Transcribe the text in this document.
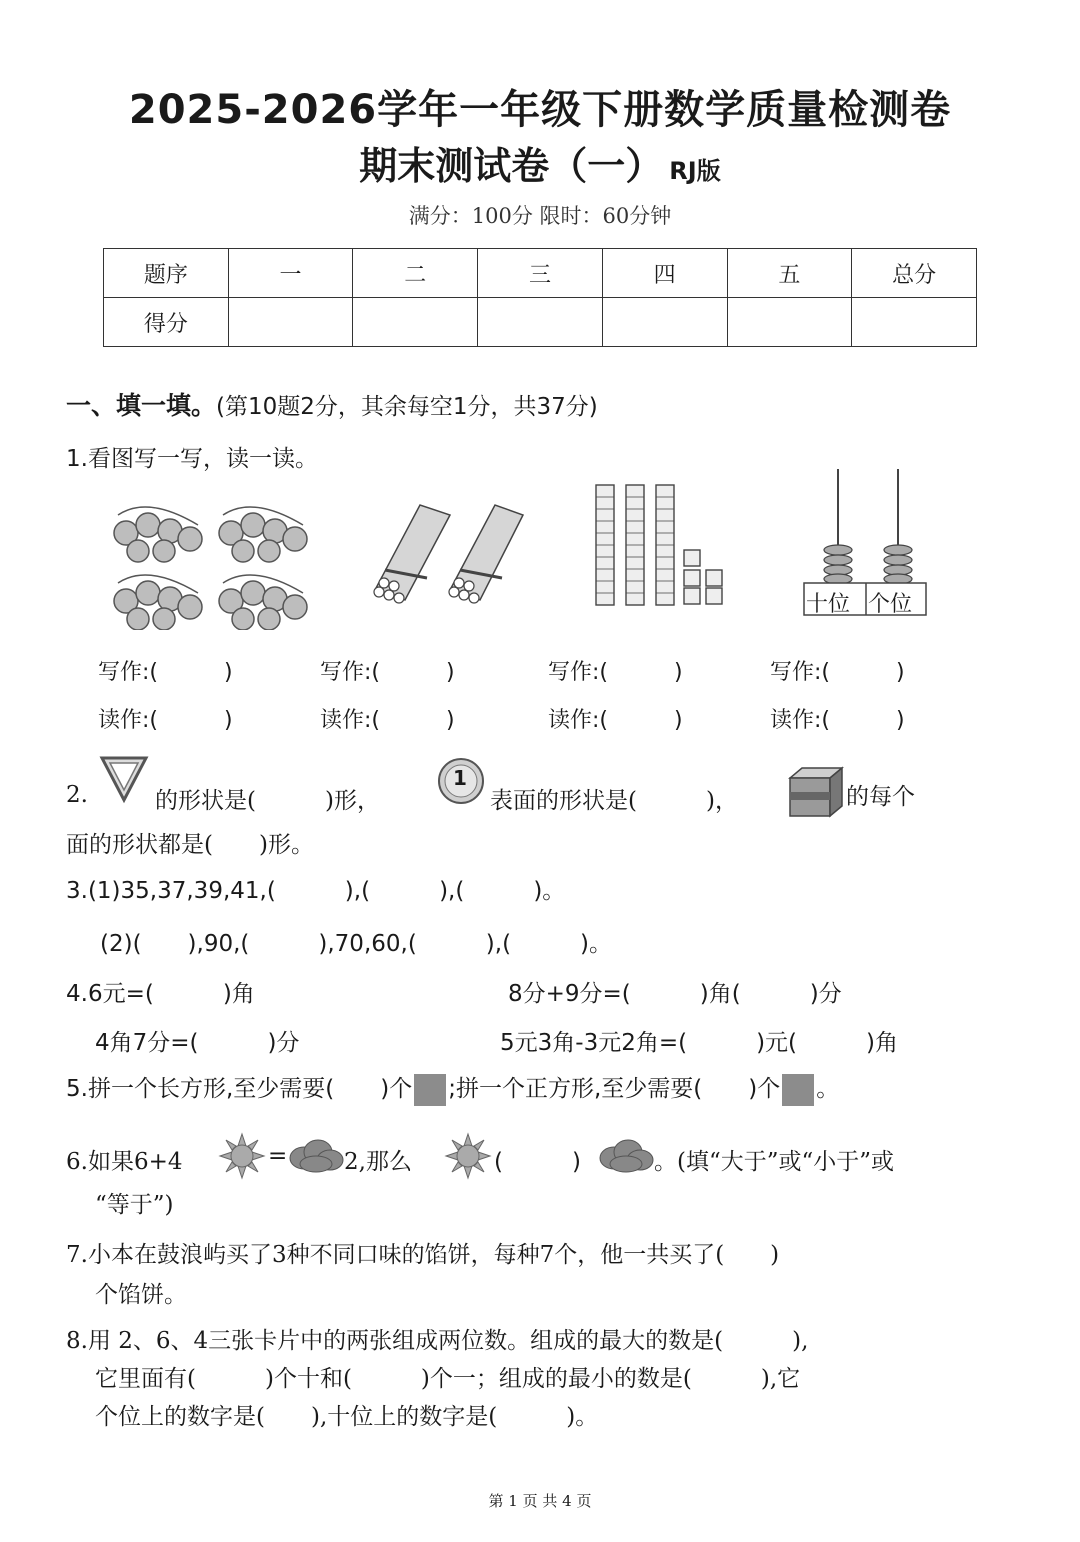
2025-2026学年一年级下册数学质量检测卷
期末测试卷（一） RJ版
满分：100分 限时：60分钟
题序	一	二	三	四	五	总分
得分						
一、填一填。(第10题2分，其余每空1分，共37分)
1.看图写一写，读一读。
十位 个位
写作:(　　　)	写作:(　　　)	写作:(　　　)	写作:(　　　)
读作:(　　　)	读作:(　　　)	读作:(　　　)	读作:(　　　)
2.	的形状是(　　　)形，
1
表面的形状是(　　　)，	的每个
面的形状都是(　　)形。
3.(1)35,37,39,41,(　　　),(　　　),(　　　)。
(2)(　　),90,(　　　),70,60,(　　　),(　　　)。
4.6元=(　　　)角	8分+9分=(　　　)角(　　　)分
4角7分=(　　　)分	5元3角-3元2角=(　　　)元(　　　)角
5.拼一个长方形,至少需要(　　)个 ;拼一个正方形,至少需要(　　)个 。
6.如果6+4	= 2,那么	(　　　)	。(填“大于”或“小于”或
“等于”)
7.小本在鼓浪屿买了3种不同口味的馅饼，每种7个，他一共买了(　　)
个馅饼。
8.用 2、6、4三张卡片中的两张组成两位数。组成的最大的数是(　　　),
它里面有(　　　)个十和(　　　)个一；组成的最小的数是(　　　),它
个位上的数字是(　　),十位上的数字是(　　　)。
第 1 页 共 4 页
